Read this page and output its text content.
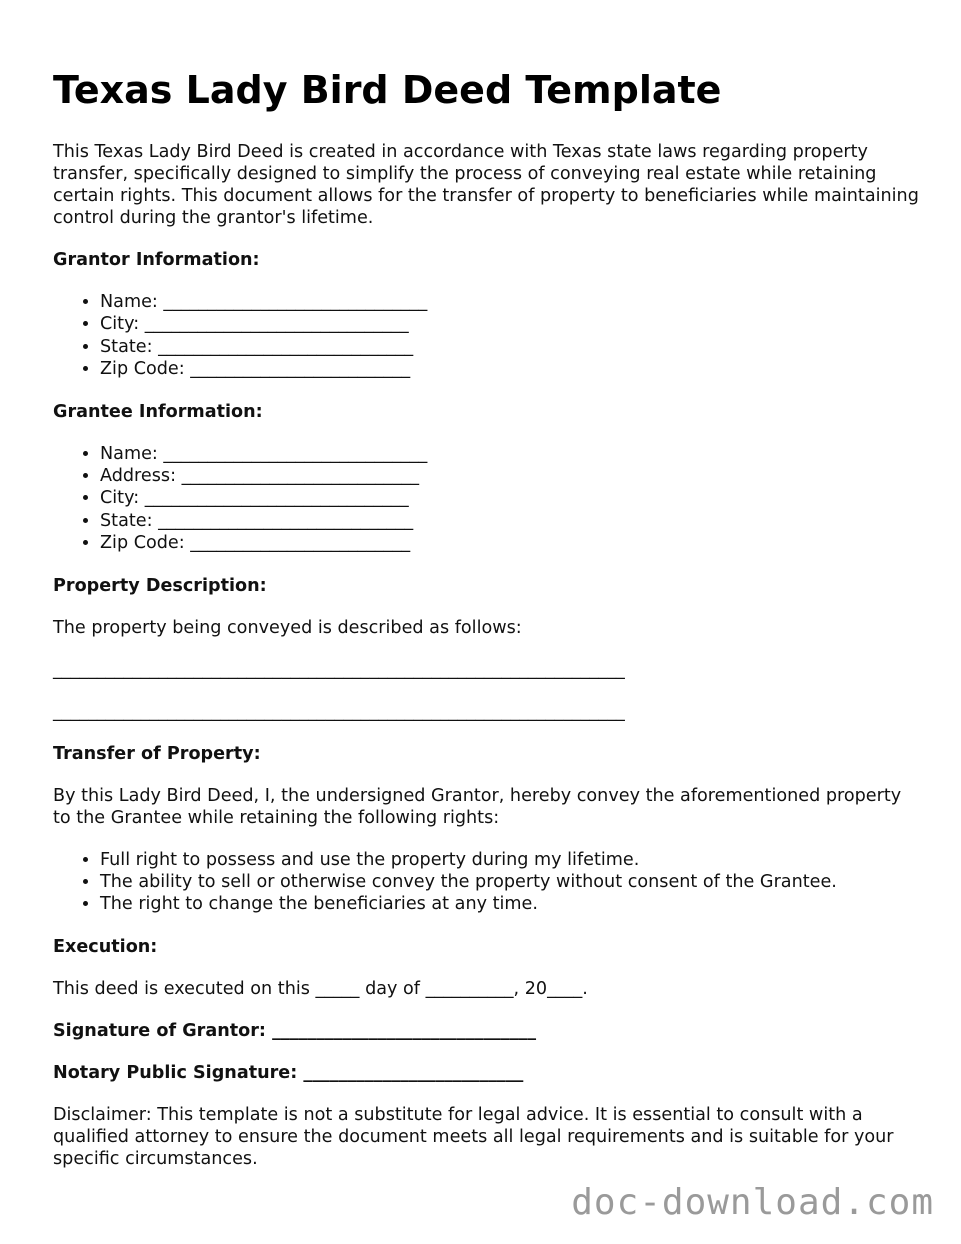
Texas Lady Bird Deed Template

This Texas Lady Bird Deed is created in accordance with Texas state laws regarding property transfer, specifically designed to simplify the process of conveying real estate while retaining certain rights. This document allows for the transfer of property to beneficiaries while maintaining control during the grantor's lifetime.

Grantor Information:
• Name: ______________________________
• City: ______________________________
• State: _____________________________
• Zip Code: _________________________
Grantee Information:
• Name: ______________________________
• Address: ___________________________
• City: ______________________________
• State: _____________________________
• Zip Code: _________________________
Property Description:

The property being conveyed is described as follows:

_________________________________________________________________
_________________________________________________________________
Transfer of Property:

By this Lady Bird Deed, I, the undersigned Grantor, hereby convey the aforementioned property to the Grantee while retaining the following rights:

• Full right to possess and use the property during my lifetime.
• The ability to sell or otherwise convey the property without consent of the Grantee.
• The right to change the beneficiaries at any time.
Execution:

This deed is executed on this _____ day of __________, 20____.

Signature of Grantor: ______________________________
Notary Public Signature: _________________________

Disclaimer: This template is not a substitute for legal advice. It is essential to consult with a qualified attorney to ensure the document meets all legal requirements and is suitable for your specific circumstances.

doc-download.com
